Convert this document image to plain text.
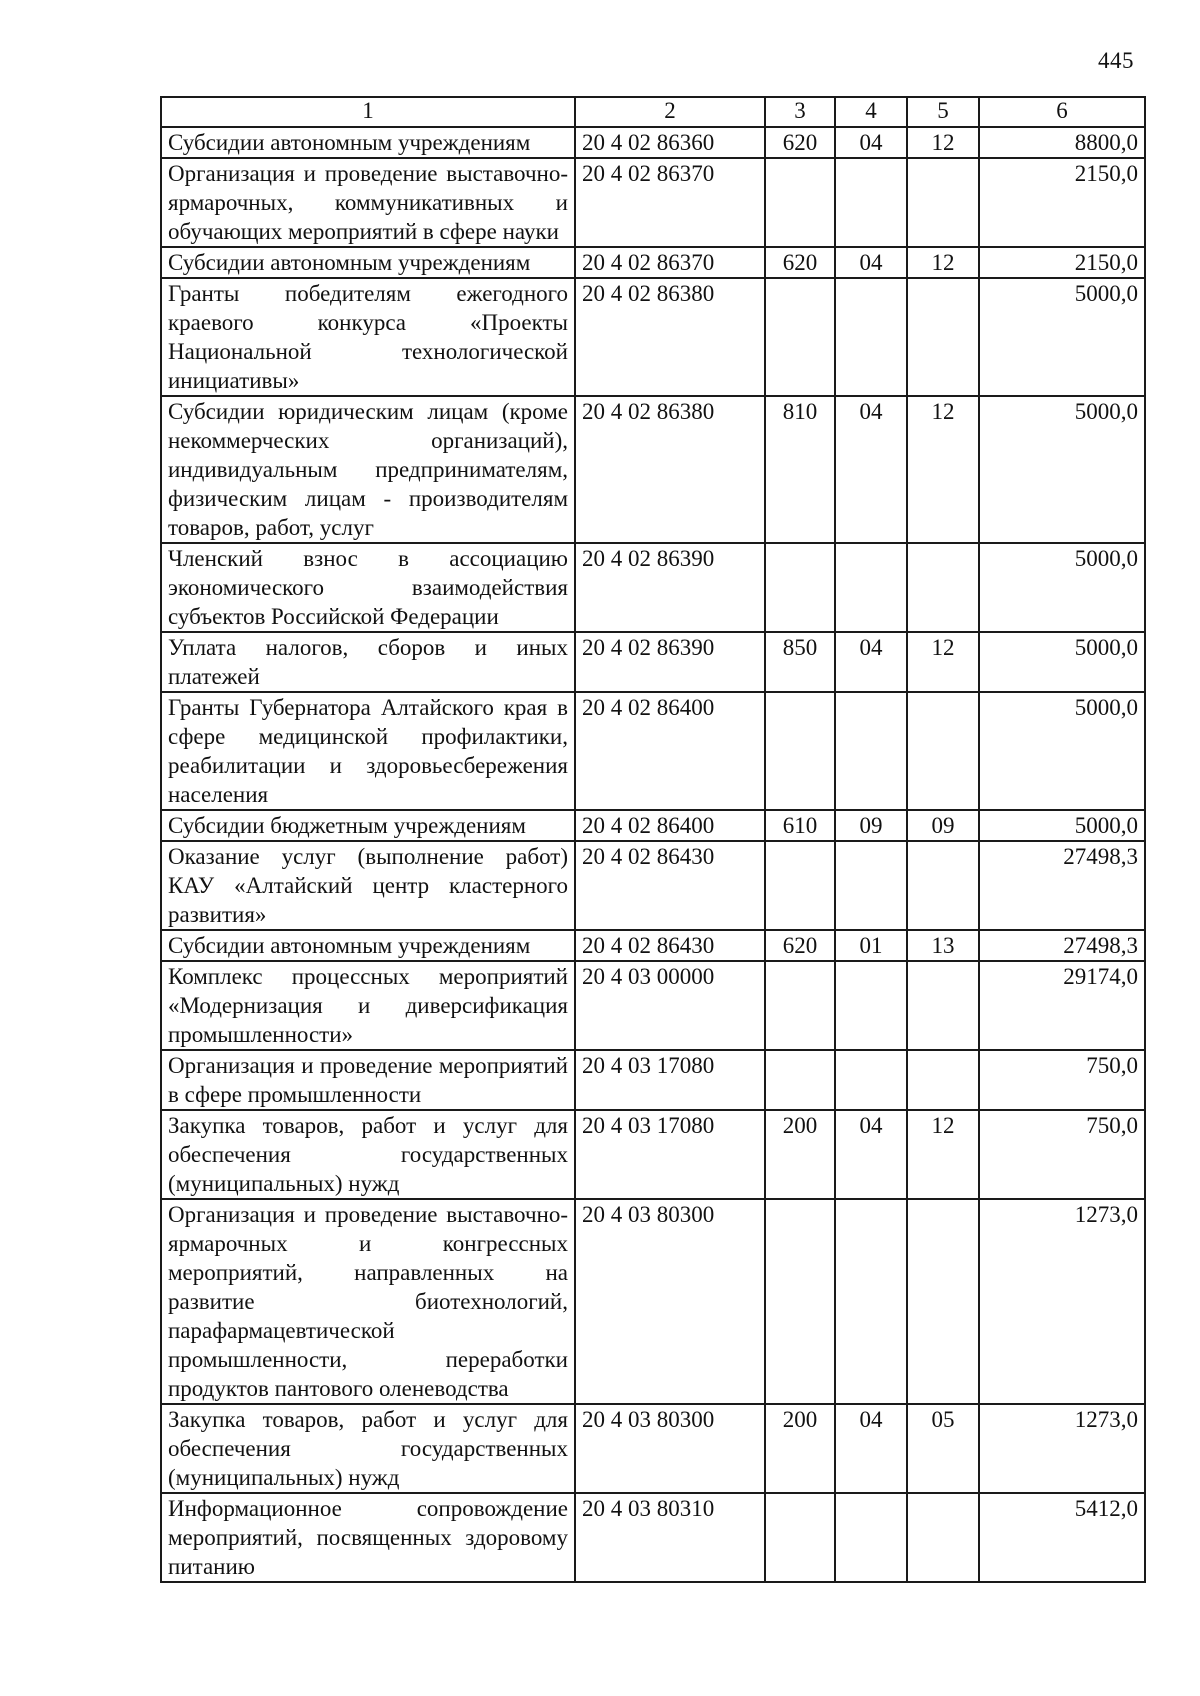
445
1	2	3	4	5	6
Субсидии автономным учреждениям	20 4 02 86360	620	04	12	8800,0
Организация и проведение выставочно-ярмарочных, коммуникативных и обучающих мероприятий в сфере науки	20 4 02 86370				2150,0
Субсидии автономным учреждениям	20 4 02 86370	620	04	12	2150,0
Гранты победителям ежегодного краевого конкурса «Проекты Национальной технологической инициативы»	20 4 02 86380				5000,0
Субсидии юридическим лицам (кроме некоммерческих организаций), индивидуальным предпринимателям, физическим лицам - производителям товаров, работ, услуг	20 4 02 86380	810	04	12	5000,0
Членский взнос в ассоциацию экономического взаимодействия субъектов Российской Федерации	20 4 02 86390				5000,0
Уплата налогов, сборов и иных платежей	20 4 02 86390	850	04	12	5000,0
Гранты Губернатора Алтайского края в сфере медицинской профилактики, реабилитации и здоровьесбережения населения	20 4 02 86400				5000,0
Субсидии бюджетным учреждениям	20 4 02 86400	610	09	09	5000,0
Оказание услуг (выполнение работ) КАУ «Алтайский центр кластерного развития»	20 4 02 86430				27498,3
Субсидии автономным учреждениям	20 4 02 86430	620	01	13	27498,3
Комплекс процессных мероприятий «Модернизация и диверсификация промышленности»	20 4 03 00000				29174,0
Организация и проведение мероприятий в сфере промышленности	20 4 03 17080				750,0
Закупка товаров, работ и услуг для обеспечения государственных (муниципальных) нужд	20 4 03 17080	200	04	12	750,0
Организация и проведение выставочно-ярмарочных и конгрессных мероприятий, направленных на развитие биотехнологий, парафармацевтической промышленности, переработки продуктов пантового оленеводства	20 4 03 80300				1273,0
Закупка товаров, работ и услуг для обеспечения государственных (муниципальных) нужд	20 4 03 80300	200	04	05	1273,0
Информационное сопровождение мероприятий, посвященных здоровому питанию	20 4 03 80310				5412,0
